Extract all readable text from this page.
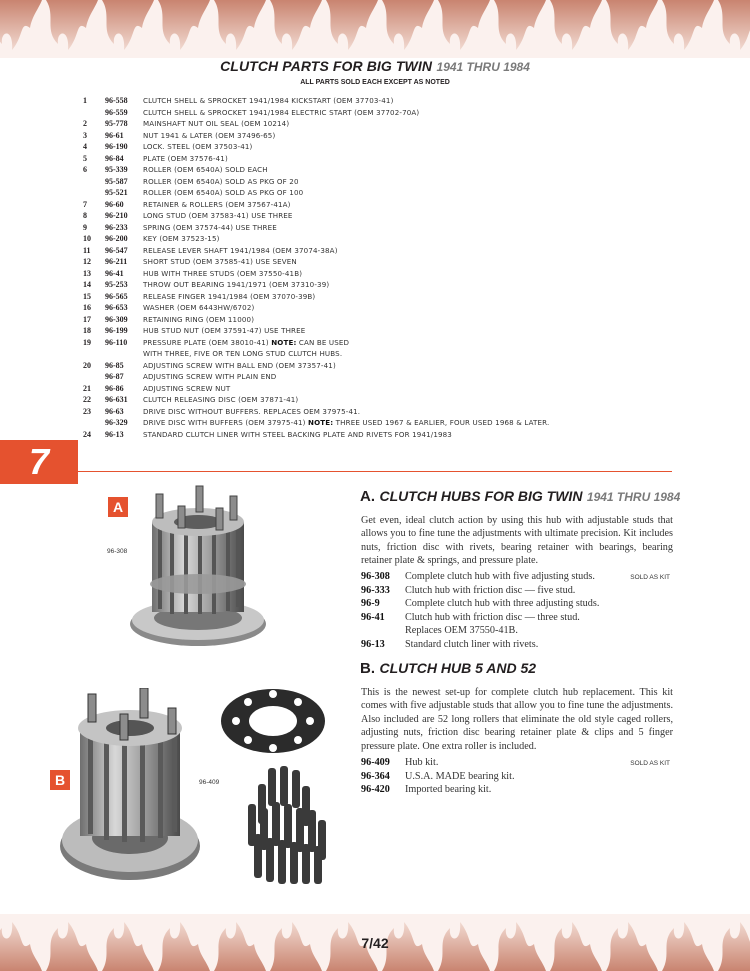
CLUTCH PARTS FOR BIG TWIN 1941 THRU 1984
ALL PARTS SOLD EACH EXCEPT AS NOTED
1	96-558	CLUTCH SHELL & SPROCKET 1941/1984 KICKSTART (OEM 37703-41)
96-559	CLUTCH SHELL & SPROCKET 1941/1984 ELECTRIC START (OEM 37702-70A)
2	95-778	MAINSHAFT NUT OIL SEAL (OEM 10214)
3	96-61	NUT 1941 & LATER (OEM 37496-65)
4	96-190	LOCK. STEEL (OEM 37503-41)
5	96-84	PLATE (OEM 37576-41)
6	95-339	ROLLER (OEM 6540A) SOLD EACH
95-587	ROLLER (OEM 6540A) SOLD AS PKG OF 20
95-521	ROLLER (OEM 6540A) SOLD AS PKG OF 100
7	96-60	RETAINER & ROLLERS (OEM 37567-41A)
8	96-210	LONG STUD (OEM 37583-41) USE THREE
9	96-233	SPRING (OEM 37574-44) USE THREE
10	96-200	KEY (OEM 37523-15)
11	96-547	RELEASE LEVER SHAFT 1941/1984 (OEM 37074-38A)
12	96-211	SHORT STUD (OEM 37585-41) USE SEVEN
13	96-41	HUB WITH THREE STUDS (OEM 37550-41B)
14	95-253	THROW OUT BEARING 1941/1971 (OEM 37310-39)
15	96-565	RELEASE FINGER 1941/1984 (OEM 37070-39B)
16	96-653	WASHER (OEM 6443HW/6702)
17	96-309	RETAINING RING (OEM 11000)
18	96-199	HUB STUD NUT (OEM 37591-47) USE THREE
19	96-110	PRESSURE PLATE (OEM 38010-41) NOTE: CAN BE USED
WITH THREE, FIVE OR TEN LONG STUD CLUTCH HUBS.
20	96-85	ADJUSTING SCREW WITH BALL END (OEM 37357-41)
96-87	ADJUSTING SCREW WITH PLAIN END
21	96-86	ADJUSTING SCREW NUT
22	96-631	CLUTCH RELEASING DISC (OEM 37871-41)
23	96-63	DRIVE DISC WITHOUT BUFFERS. REPLACES OEM 37975-41.
96-329	DRIVE DISC WITH BUFFERS (OEM 37975-41) NOTE: THREE USED 1967 & EARLIER, FOUR USED 1968 & LATER.
24	96-13	STANDARD CLUTCH LINER WITH STEEL BACKING PLATE AND RIVETS FOR 1941/1983
7
A
96-308
B	96-409
A. CLUTCH HUBS FOR BIG TWIN 1941 THRU 1984
Get even, ideal clutch action by using this hub with adjustable studs that allows you to fine tune the adjustments with ultimate precision. Kit includes nuts, friction disc with rivets, bearing retainer with bearings, bearing retainer plate & springs, and pressure plate.
96-308	Complete clutch hub with five adjusting studs.	SOLD AS KIT
96-333	Clutch hub with friction disc — five stud.
96-9	Complete clutch hub with three adjusting studs.
96-41	Clutch hub with friction disc — three stud.
Replaces OEM 37550-41B.
96-13	Standard clutch liner with rivets.
B. CLUTCH HUB 5 AND 52
This is the newest set-up for complete clutch hub replacement. This kit comes with five adjustable studs that allow you to fine tune the adjustments. Also included are 52 long rollers that eliminate the old style caged rollers, adjusting nuts, friction disc bearing retainer plate & clips and 5 finger pressure plate. One extra roller is included.
96-409	Hub kit.	SOLD AS KIT
96-364	U.S.A. MADE bearing kit.
96-420	Imported bearing kit.
7/42
